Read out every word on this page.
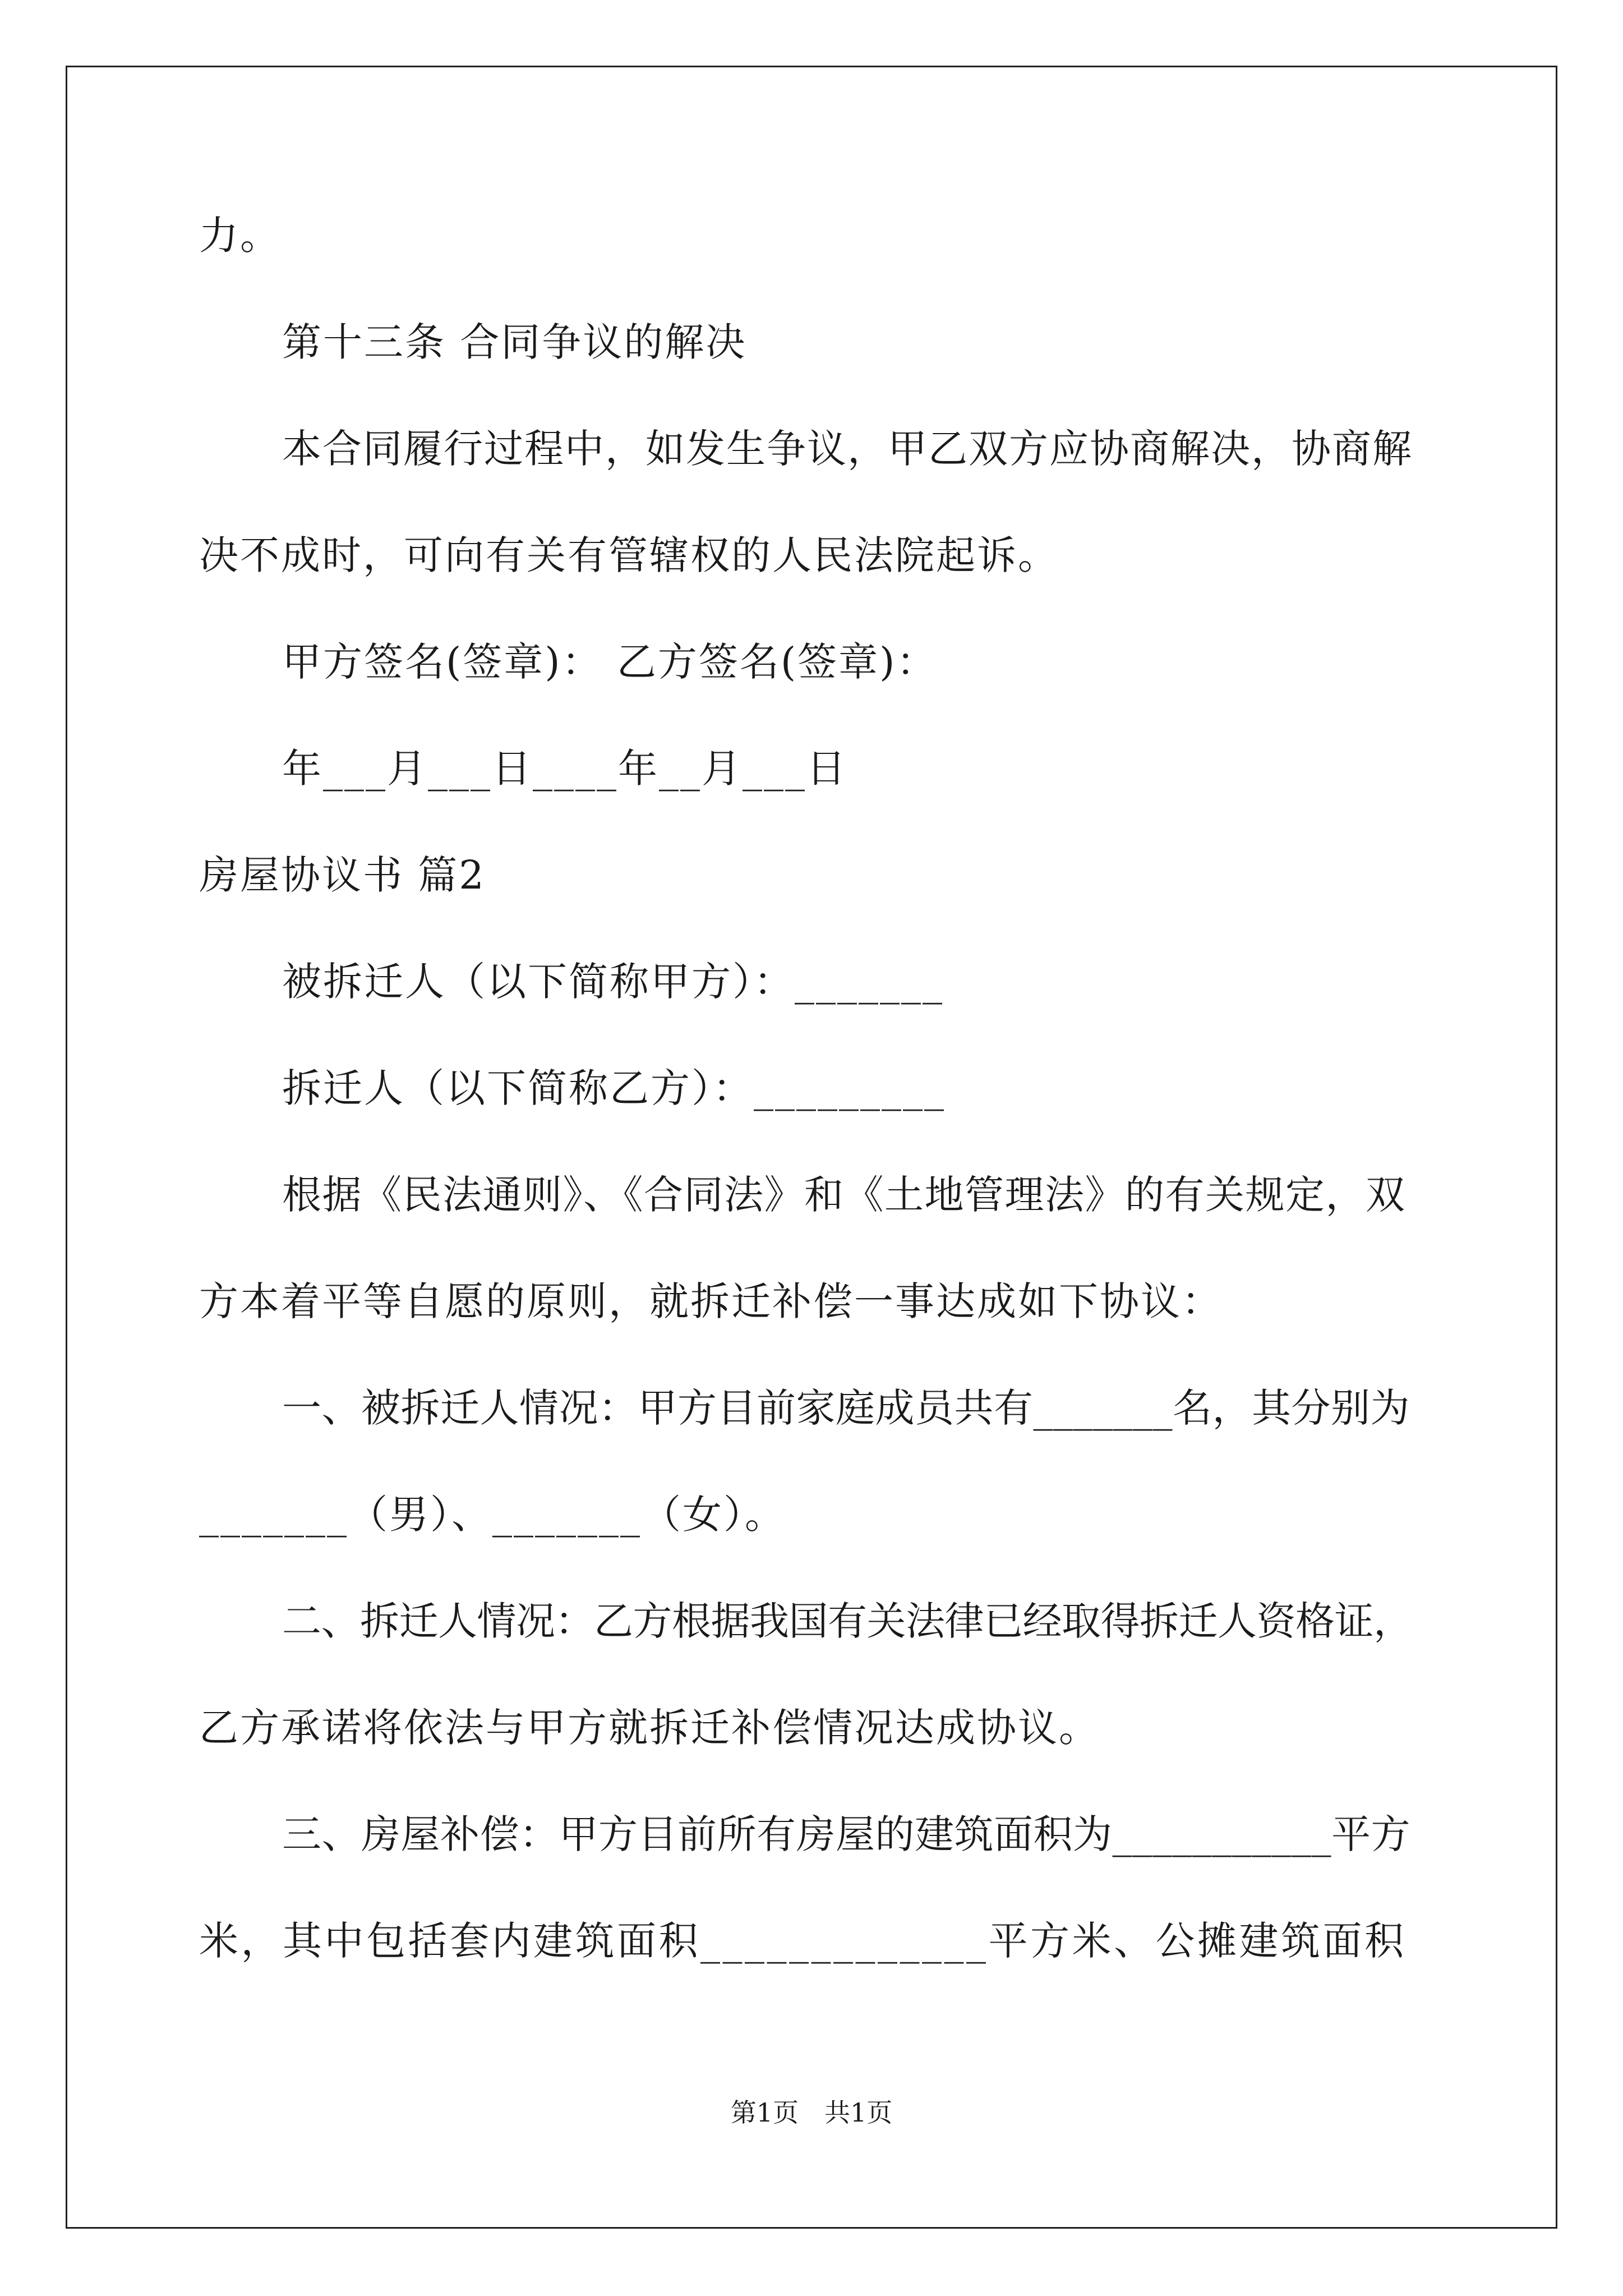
力。
第十三条 合同争议的解决
本合同履行过程中，如发生争议，甲乙双方应协商解决，协商解
决不成时，可向有关有管辖权的人民法院起诉。
甲方签名(签章)： 乙方签名(签章)：
年___月___日____年__月___日
房屋协议书 篇2
被拆迁人（以下简称甲方）：_______
拆迁人（以下简称乙方）：_________
根据《民法通则》、《合同法》和《土地管理法》的有关规定，双
方本着平等自愿的原则，就拆迁补偿一事达成如下协议：
一、被拆迁人情况：甲方目前家庭成员共有_______名，其分别为
_______（男）、_______（女）。
二、拆迁人情况：乙方根据我国有关法律已经取得拆迁人资格证，
乙方承诺将依法与甲方就拆迁补偿情况达成协议。
三、房屋补偿：甲方目前所有房屋的建筑面积为___________平方
米，其中包括套内建筑面积_____________平方米、公摊建筑面积
第1页 共1页
